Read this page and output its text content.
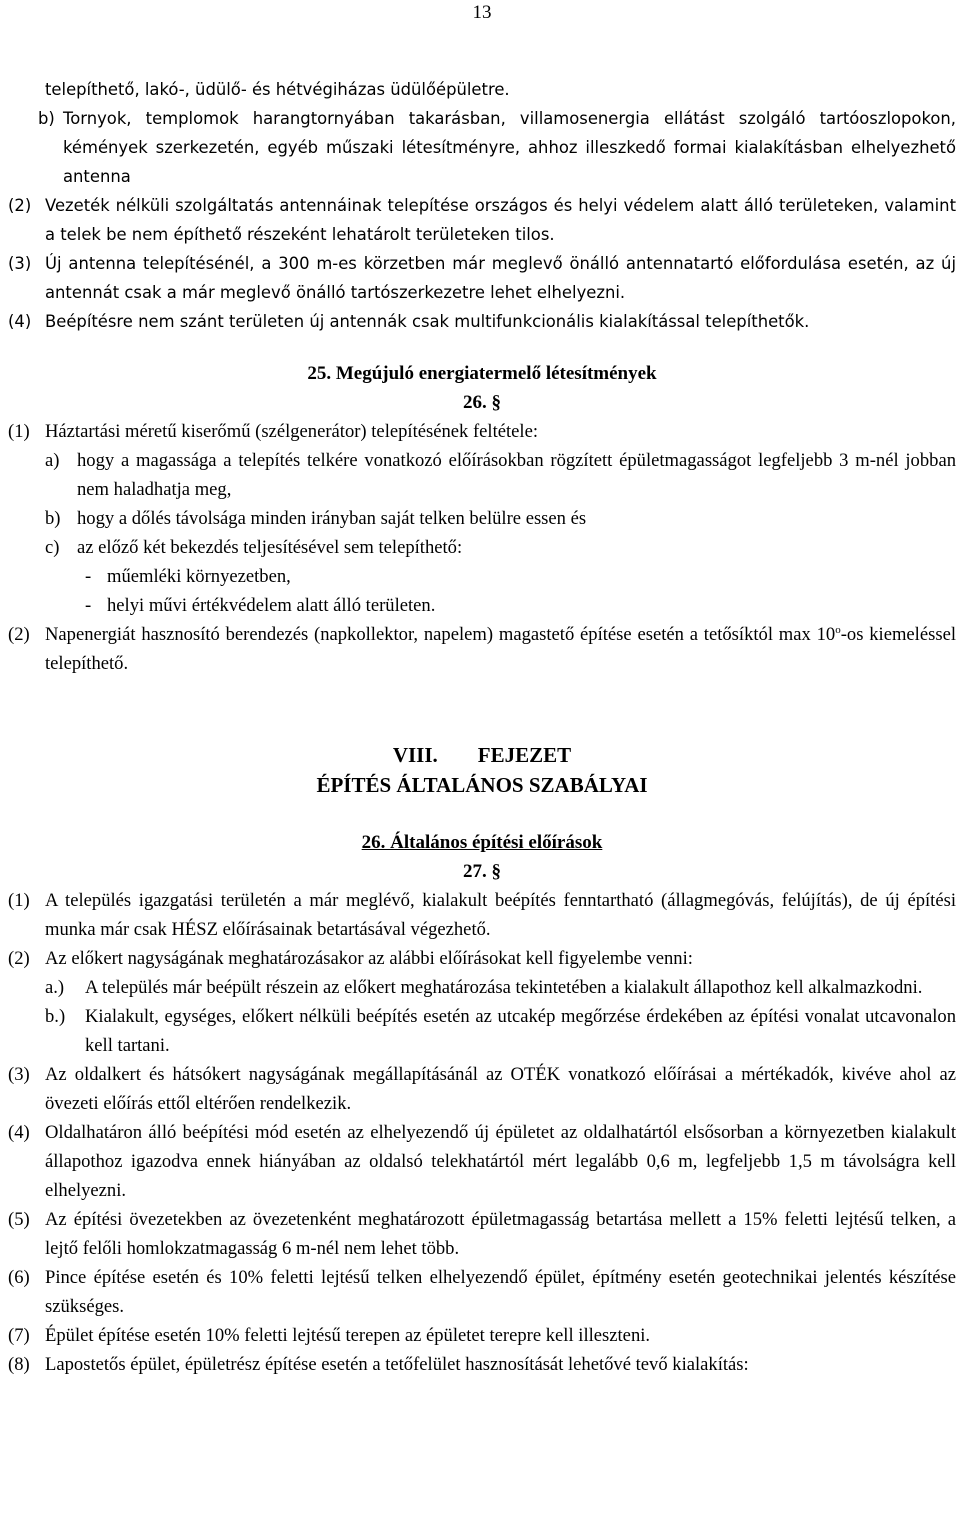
13
telepíthető, lakó-, üdülő- és hétvégiházas üdülőépületre.
b) Tornyok, templomok harangtornyában takarásban, villamosenergia ellátást szolgáló tartóoszlopokon, kémények szerkezetén, egyéb műszaki létesítményre, ahhoz illeszkedő formai kialakításban elhelyezhető antenna
(2) Vezeték nélküli szolgáltatás antennáinak telepítése országos és helyi védelem alatt álló területeken, valamint a telek be nem építhető részeként lehatárolt területeken tilos.
(3) Új antenna telepítésénél, a 300 m-es körzetben már meglevő önálló antennatartó előfordulása esetén, az új antennát csak a már meglevő önálló tartószerkezetre lehet elhelyezni.
(4) Beépítésre nem szánt területen új antennák csak multifunkcionális kialakítással telepíthetők.
25. Megújuló energiatermelő létesítmények
26. §
(1) Háztartási méretű kiserőmű (szélgenerátor) telepítésének feltétele:
a) hogy a magassága a telepítés telkére vonatkozó előírásokban rögzített épületmagasságot legfeljebb 3 m-nél jobban nem haladhatja meg,
b) hogy a dőlés távolsága minden irányban saját telken belülre essen és
c) az előző két bekezdés teljesítésével sem telepíthető:
- műemléki környezetben,
- helyi művi értékvédelem alatt álló területen.
(2) Napenergiát hasznosító berendezés (napkollektor, napelem) magastető építése esetén a tetősíktól max 10$^o$-os kiemeléssel telepíthető.
VIII. FEJEZET
ÉPÍTÉS ÁLTALÁNOS SZABÁLYAI
26. Általános építési előírások
27. §
(1) A település igazgatási területén a már meglévő, kialakult beépítés fenntartható (állagmegóvás, felújítás), de új építési munka már csak HÉSZ előírásainak betartásával végezhető.
(2) Az előkert nagyságának meghatározásakor az alábbi előírásokat kell figyelembe venni:
a.)	A település már beépült részein az előkert meghatározása tekintetében a kialakult állapothoz kell alkalmazkodni.
b.)	Kialakult, egységes, előkert nélküli beépítés esetén az utcakép megőrzése érdekében az építési vonalat utcavonalon kell tartani.
(3) Az oldalkert és hátsókert nagyságának megállapításánál az OTÉK vonatkozó előírásai a mértékadók, kivéve ahol az övezeti előírás ettől eltérően rendelkezik.
(4) Oldalhatáron álló beépítési mód esetén az elhelyezendő új épületet az oldalhatártól elsősorban a környezetben kialakult állapothoz igazodva ennek hiányában az oldalsó telekhatártól mért legalább 0,6 m, legfeljebb 1,5 m távolságra kell elhelyezni.
(5) Az építési övezetekben az övezetenként meghatározott épületmagasság betartása mellett a 15% feletti lejtésű telken, a lejtő felőli homlokzatmagasság 6 m-nél nem lehet több.
(6) Pince építése esetén és 10% feletti lejtésű telken elhelyezendő épület, építmény esetén geotechnikai jelentés készítése szükséges.
(7) Épület építése esetén 10% feletti lejtésű terepen az épületet terepre kell illeszteni.
(8) Lapostetős épület, épületrész építése esetén a tetőfelület hasznosítását lehetővé tevő kialakítás:
